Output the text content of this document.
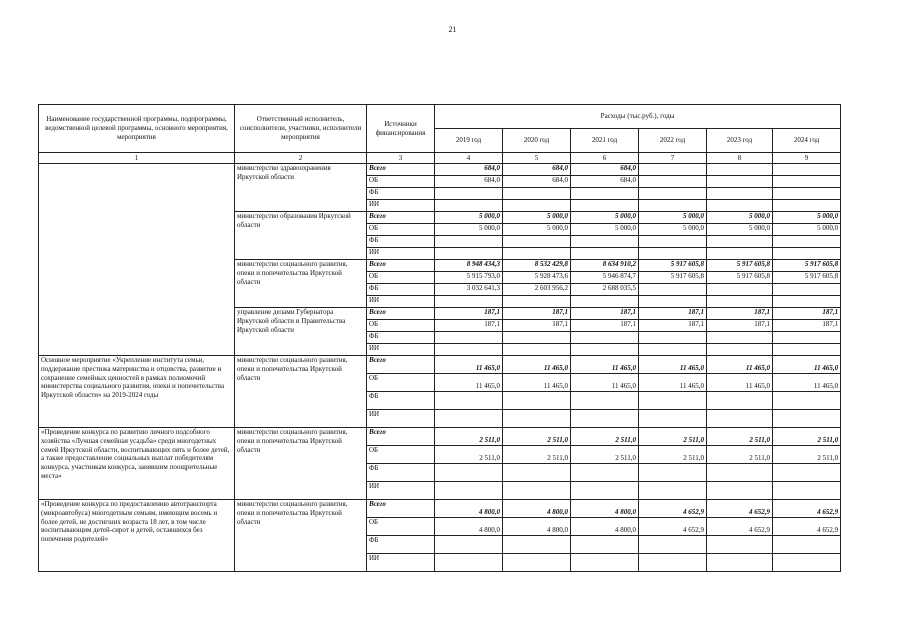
21
Наименование государственной программы, подпрограммы, ведомственной целевой программы, основного мероприятия, мероприятия	Ответственный исполнитель, соисполнители, участники, исполнители мероприятия	Источники финансирования	Расходы (тыс.руб.), годы					
			2019 год	2020 год	2021 год	2022 год	2023 год	2024 год
1	2	3	4	5	6	7	8	9
	министерство здравоохранения Иркутской области	Всего	684,0	684,0	684,0			
		ОБ	684,0	684,0	684,0			
		ФБ						
		ИИ						
	министерство образования Иркутской области	Всего	5 000,0	5 000,0	5 000,0	5 000,0	5 000,0	5 000,0
		ОБ	5 000,0	5 000,0	5 000,0	5 000,0	5 000,0	5 000,0
		ФБ						
		ИИ						
	министерство социального развития, опеки и попечительства Иркутской области	Всего	8 948 434,3	8 532 429,8	8 634 910,2	5 917 605,8	5 917 605,8	5 917 605,8
		ОБ	5 915 793,0	5 928 473,6	5 946 874,7	5 917 605,8	5 917 605,8	5 917 605,8
		ФБ	3 032 641,3	2 603 956,2	2 688 035,5			
		ИИ						
	управление делами Губернатора Иркутской области и Правительства Иркутской области	Всего	187,1	187,1	187,1	187,1	187,1	187,1
		ОБ	187,1	187,1	187,1	187,1	187,1	187,1
		ФБ						
		ИИ						
Основное мероприятие «Укрепление института семьи, поддержание престижа материнства и отцовства, развитие и сохранение семейных ценностей в рамках полномочий министерства социального развития, опеки и попечительства Иркутской области» на 2019-2024 годы	министерство социального развития, опеки и попечительства Иркутской области	Всего	11 465,0	11 465,0	11 465,0	11 465,0	11 465,0	11 465,0
		ОБ	11 465,0	11 465,0	11 465,0	11 465,0	11 465,0	11 465,0
		ФБ						
		ИИ						
«Проведение конкурса по развитию личного подсобного хозяйства «Лучшая семейная усадьба» среди многодетных семей Иркутской области, воспитывающих пять и более детей, а также предоставление социальных выплат победителям конкурса, участникам конкурса, занявшим поощрительные места»	министерство социального развития, опеки и попечительства Иркутской области	Всего	2 511,0	2 511,0	2 511,0	2 511,0	2 511,0	2 511,0
		ОБ	2 511,0	2 511,0	2 511,0	2 511,0	2 511,0	2 511,0
		ФБ						
		ИИ						
«Проведение конкурса по предоставлению автотранспорта (микроавтобуса) многодетным семьям, имеющим восемь и более детей, не достигших возраста 18 лет, в том числе воспитывающим детей-сирот и детей, оставшихся без попечения родителей»	министерство социального развития, опеки и попечительства Иркутской области	Всего	4 800,0	4 800,0	4 800,0	4 652,9	4 652,9	4 652,9
		ОБ	4 800,0	4 800,0	4 800,0	4 652,9	4 652,9	4 652,9
		ФБ						
		ИИ						
